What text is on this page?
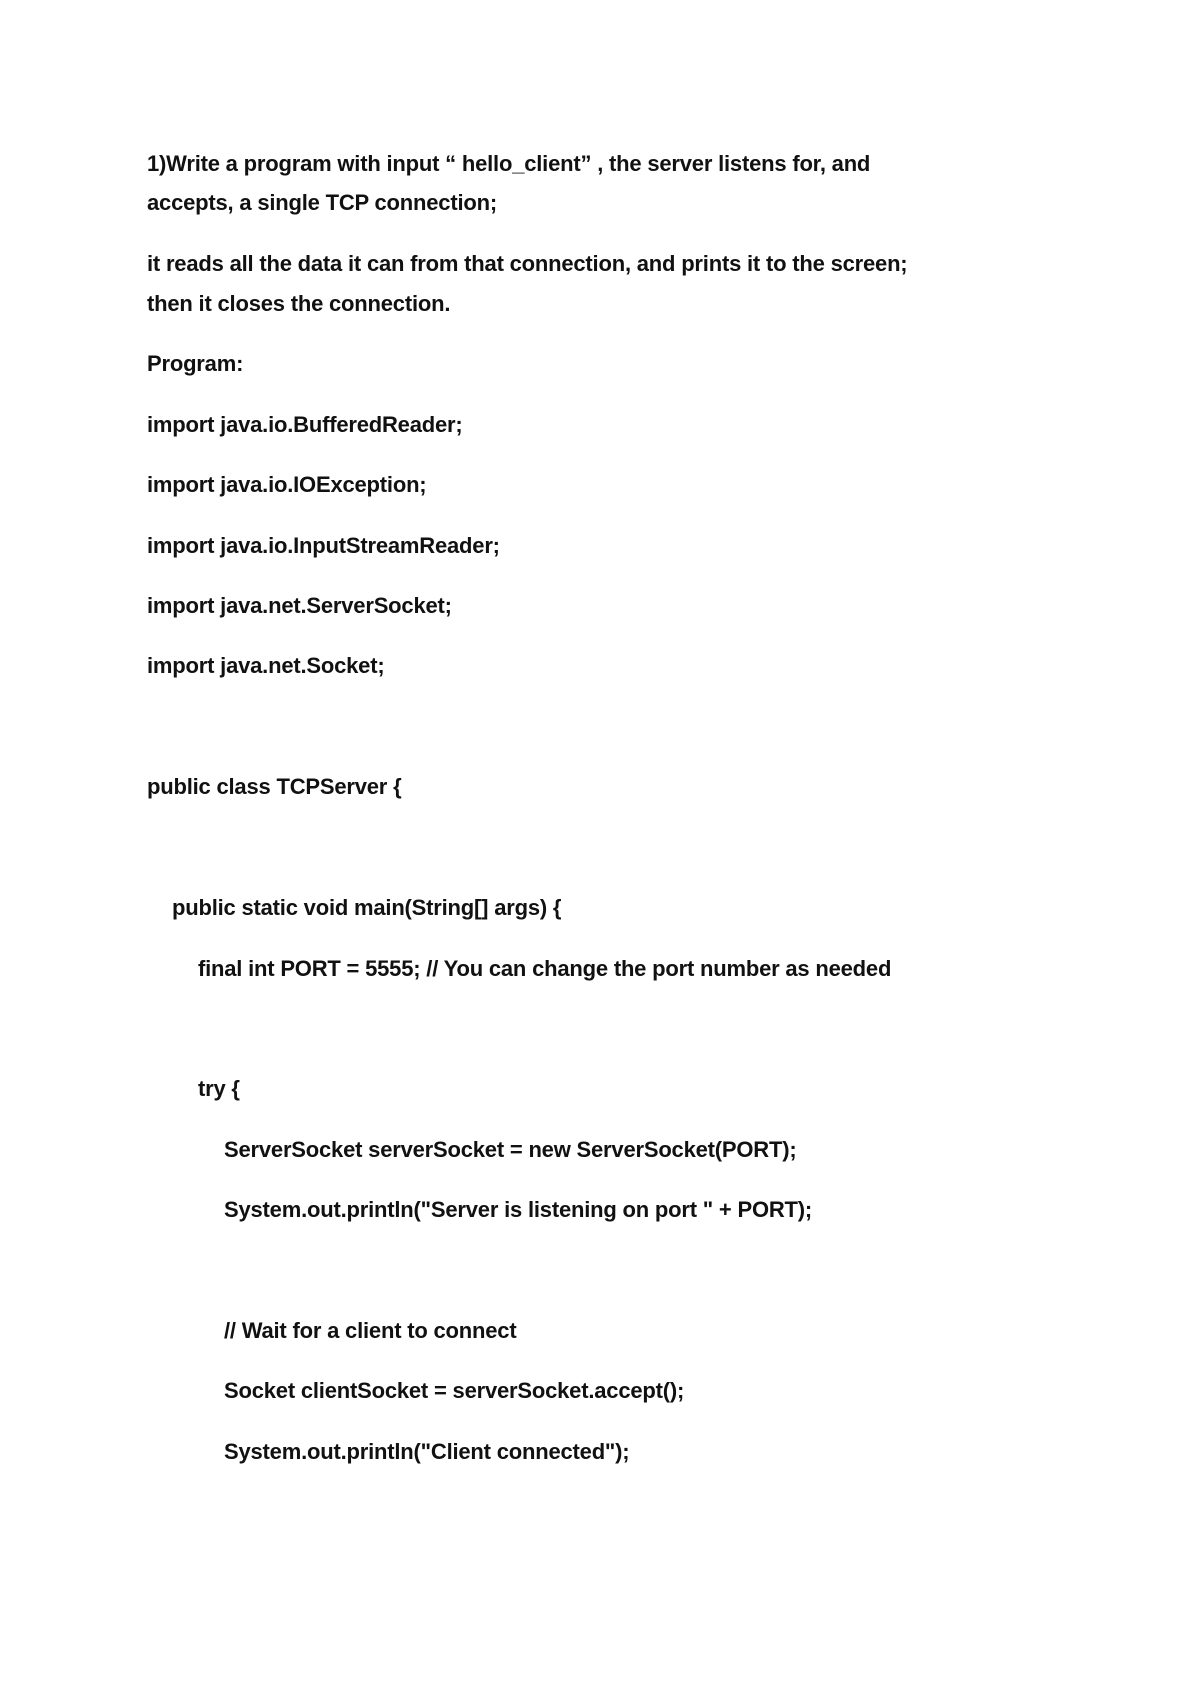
1)Write a program with input “ hello_client” , the server listens for, and
accepts, a single TCP connection;
it reads all the data it can from that connection, and prints it to the screen;
then it closes the connection.
Program:
import java.io.BufferedReader;
import java.io.IOException;
import java.io.InputStreamReader;
import java.net.ServerSocket;
import java.net.Socket;
public class TCPServer {
public static void main(String[] args) {
final int PORT = 5555; // You can change the port number as needed
try {
ServerSocket serverSocket = new ServerSocket(PORT);
System.out.println("Server is listening on port " + PORT);
// Wait for a client to connect
Socket clientSocket = serverSocket.accept();
System.out.println("Client connected");
